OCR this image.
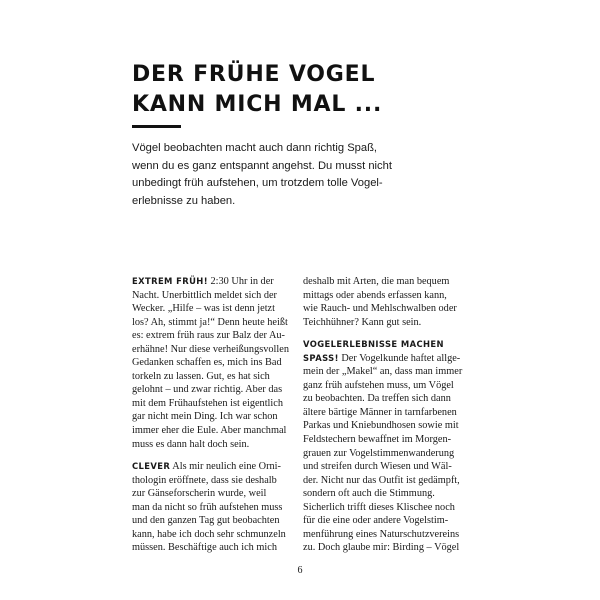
DER FRÜHE VOGEL
KANN MICH MAL ...

Vögel beobachten macht auch dann richtig Spaß,
wenn du es ganz entspannt angehst. Du musst nicht
unbedingt früh aufstehen, um trotzdem tolle Vogel-
erlebnisse zu haben.

EXTREM FRÜH! 2:30 Uhr in der
Nacht. Unerbittlich meldet sich der
Wecker. „Hilfe – was ist denn jetzt
los? Ah, stimmt ja!“ Denn heute heißt
es: extrem früh raus zur Balz der Au-
erhähne! Nur diese verheißungsvollen
Gedanken schaffen es, mich ins Bad
torkeln zu lassen. Gut, es hat sich
gelohnt – und zwar richtig. Aber das
mit dem Frühaufstehen ist eigentlich
gar nicht mein Ding. Ich war schon
immer eher die Eule. Aber manchmal
muss es dann halt doch sein.
CLEVER Als mir neulich eine Orni-
thologin eröffnete, dass sie deshalb
zur Gänseforscherin wurde, weil
man da nicht so früh aufstehen muss
und den ganzen Tag gut beobachten
kann, habe ich doch sehr schmunzeln
müssen. Beschäftige auch ich mich
deshalb mit Arten, die man bequem
mittags oder abends erfassen kann,
wie Rauch- und Mehlschwalben oder
Teichhühner? Kann gut sein.
VOGELERLEBNISSE MACHEN
SPASS! Der Vogelkunde haftet allge-
mein der „Makel“ an, dass man immer
ganz früh aufstehen muss, um Vögel
zu beobachten. Da treffen sich dann
ältere bärtige Männer in tarnfarbenen
Parkas und Kniebundhosen sowie mit
Feldstechern bewaffnet im Morgen-
grauen zur Vogelstimmenwanderung
und streifen durch Wiesen und Wäl-
der. Nicht nur das Outfit ist gedämpft,
sondern oft auch die Stimmung.
Sicherlich trifft dieses Klischee noch
für die eine oder andere Vogelstim-
menführung eines Naturschutzvereins
zu. Doch glaube mir: Birding – Vögel
6
